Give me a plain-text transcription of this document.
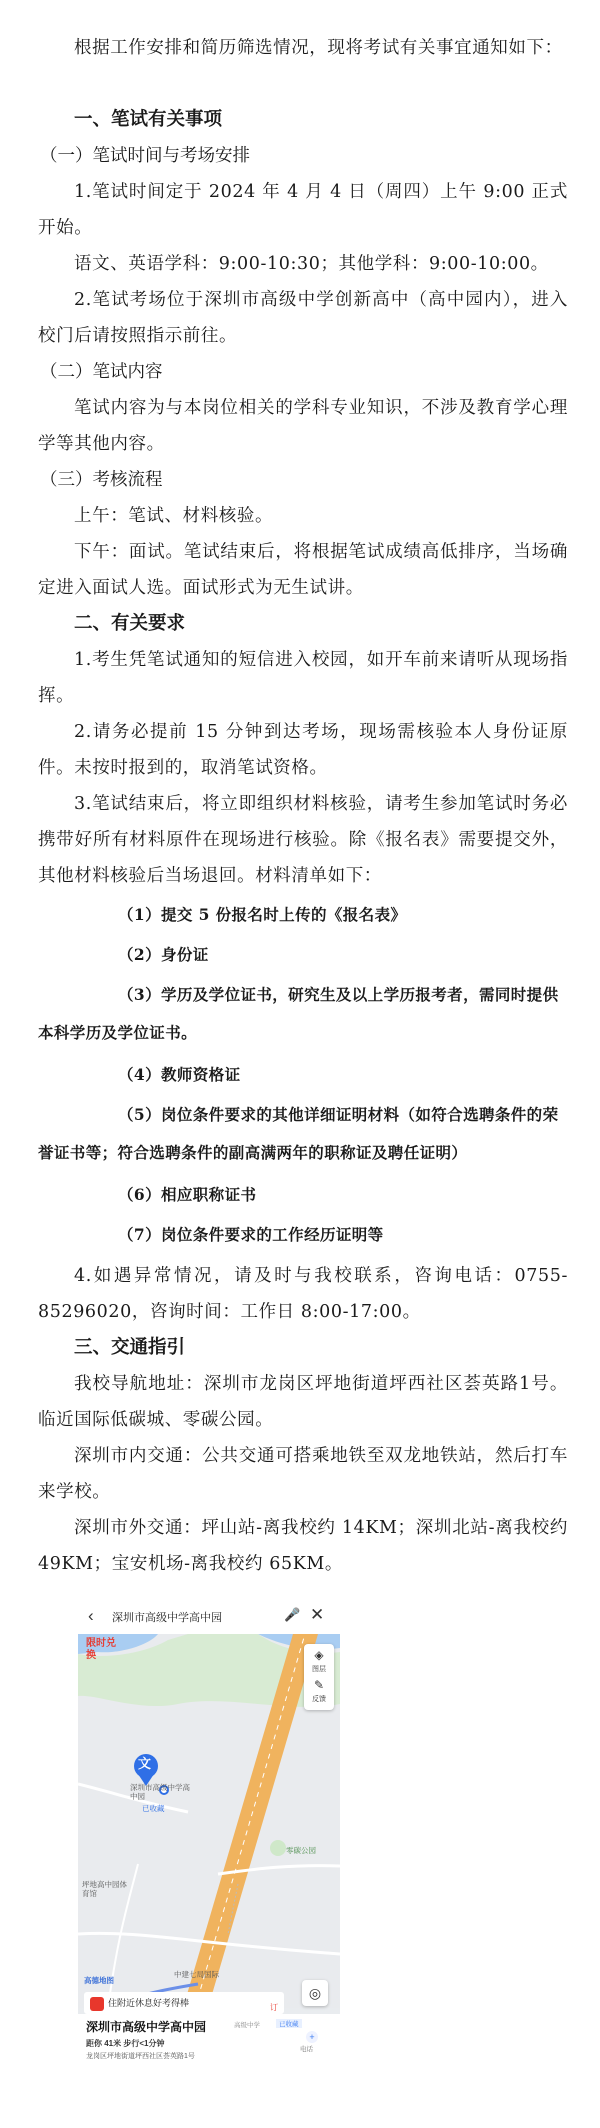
根据工作安排和简历筛选情况，现将考试有关事宜通知如下：
一、笔试有关事项
（一）笔试时间与考场安排
1.笔试时间定于 2024 年 4 月 4 日（周四）上午 9:00 正式开始。
语文、英语学科：9:00-10:30；其他学科：9:00-10:00。
2.笔试考场位于深圳市高级中学创新高中（高中园内），进入校门后请按照指示前往。
（二）笔试内容
笔试内容为与本岗位相关的学科专业知识，不涉及教育学心理学等其他内容。
（三）考核流程
上午：笔试、材料核验。
下午：面试。笔试结束后，将根据笔试成绩高低排序，当场确定进入面试人选。面试形式为无生试讲。
二、有关要求
1.考生凭笔试通知的短信进入校园，如开车前来请听从现场指挥。
2.请务必提前 15 分钟到达考场，现场需核验本人身份证原件。未按时报到的，取消笔试资格。
3.笔试结束后，将立即组织材料核验，请考生参加笔试时务必携带好所有材料原件在现场进行核验。除《报名表》需要提交外，其他材料核验后当场退回。材料清单如下：
（1）提交 5 份报名时上传的《报名表》
（2）身份证
（3）学历及学位证书，研究生及以上学历报考者，需同时提供本科学历及学位证书。
（4）教师资格证
（5）岗位条件要求的其他详细证明材料（如符合选聘条件的荣誉证书等；符合选聘条件的副高满两年的职称证及聘任证明）
（6）相应职称证书
（7）岗位条件要求的工作经历证明等
4.如遇异常情况，请及时与我校联系，咨询电话：0755-85296020，咨询时间：工作日 8:00-17:00。
三、交通指引
我校导航地址：深圳市龙岗区坪地街道坪西社区荟英路1号。临近国际低碳城、零碳公园。
深圳市内交通：公共交通可搭乘地铁至双龙地铁站，然后打车来学校。
深圳市外交通：坪山站-离我校约 14KM；深圳北站-离我校约 49KM；宝安机场-离我校约 65KM。
‹ 深圳市高级中学高中园	🎤 ✕
文
深圳市高级中学高中园
已收藏
限时兑换
零碳公园
坪地高中园体育馆
中建七局国际
高德地图
◈
图层
✎
反馈
◎
住附近休息好考得棒	订
深圳市高级中学高中园	高级中学	已收藏
距你 41米 步行<1分钟
龙岗区坪地街道坪西社区荟英路1号
+
电话
